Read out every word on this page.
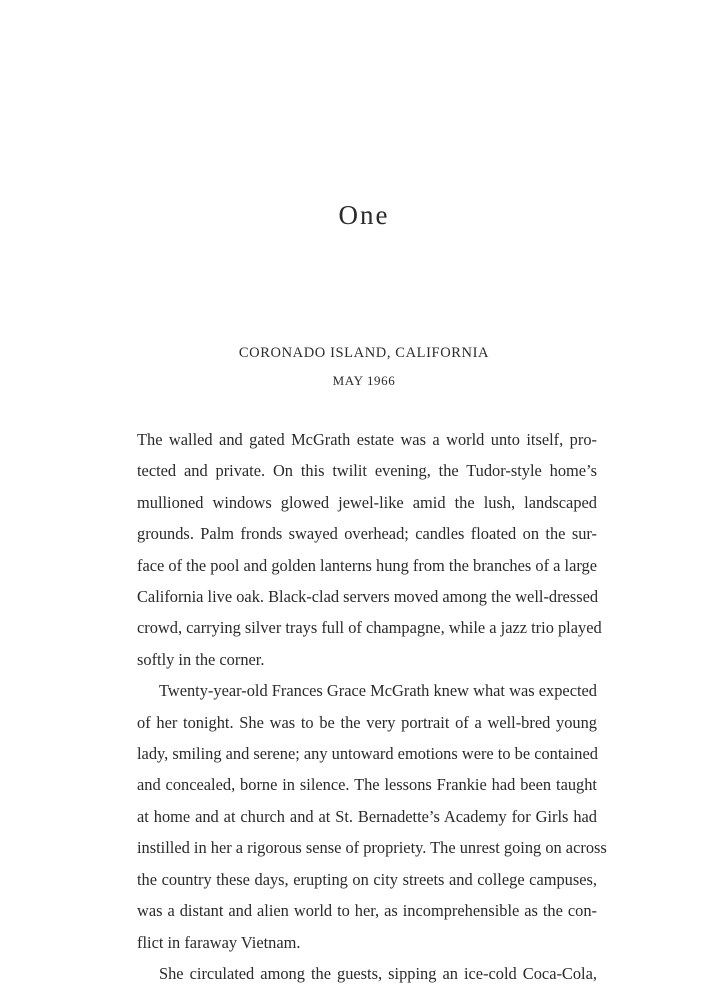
One
CORONADO ISLAND, CALIFORNIA
MAY 1966
The walled and gated McGrath estate was a world unto itself, pro-
tected and private. On this twilit evening, the Tudor-style home’s
mullioned windows glowed jewel-like amid the lush, landscaped
grounds. Palm fronds swayed overhead; candles floated on the sur-
face of the pool and golden lanterns hung from the branches of a large
California live oak. Black-clad servers moved among the well-dressed
crowd, carrying silver trays full of champagne, while a jazz trio played
softly in the corner.
Twenty-year-old Frances Grace McGrath knew what was expected
of her tonight. She was to be the very portrait of a well-bred young
lady, smiling and serene; any untoward emotions were to be contained
and concealed, borne in silence. The lessons Frankie had been taught
at home and at church and at St. Bernadette’s Academy for Girls had
instilled in her a rigorous sense of propriety. The unrest going on across
the country these days, erupting on city streets and college campuses,
was a distant and alien world to her, as incomprehensible as the con-
flict in faraway Vietnam.
She circulated among the guests, sipping an ice-cold Coca-Cola,
